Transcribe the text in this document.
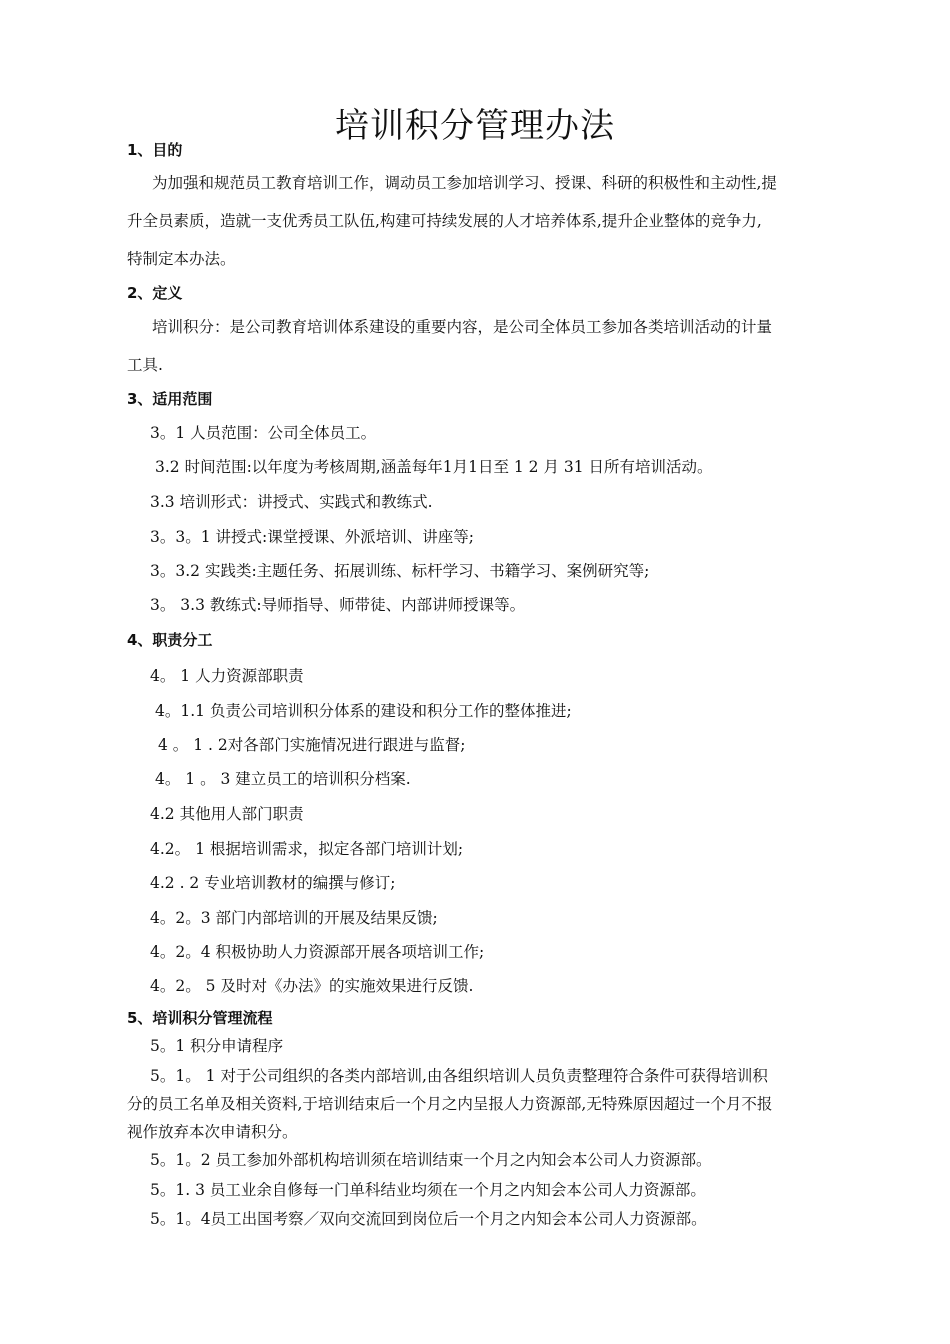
培训积分管理办法
1、目的
为加强和规范员工教育培训工作，调动员工参加培训学习、授课、科研的积极性和主动性,提
升全员素质，造就一支优秀员工队伍,构建可持续发展的人才培养体系,提升企业整体的竞争力,
特制定本办法。
2、定义
培训积分：是公司教育培训体系建设的重要内容，是公司全体员工参加各类培训活动的计量
工具.
3、适用范围
3。1 人员范围：公司全体员工。
3.2 时间范围:以年度为考核周期,涵盖每年1月1日至 1 2 月 31 日所有培训活动。
3.3 培训形式：讲授式、实践式和教练式.
3。3。1 讲授式:课堂授课、外派培训、讲座等;
3。3.2 实践类:主题任务、拓展训练、标杆学习、书籍学习、案例研究等;
3。 3.3 教练式:导师指导、师带徒、内部讲师授课等。
4、职责分工
4。 1 人力资源部职责
4。1.1 负责公司培训积分体系的建设和积分工作的整体推进;
4 。 1 . 2对各部门实施情况进行跟进与监督;
4。 1 。 3 建立员工的培训积分档案.
4.2 其他用人部门职责
4.2。 1 根据培训需求，拟定各部门培训计划;
4.2 . 2 专业培训教材的编撰与修订;
4。2。3 部门内部培训的开展及结果反馈;
4。2。4 积极协助人力资源部开展各项培训工作;
4。2。 5 及时对《办法》的实施效果进行反馈.
5、培训积分管理流程
5。1 积分申请程序
5。1。 1 对于公司组织的各类内部培训,由各组织培训人员负责整理符合条件可获得培训积
分的员工名单及相关资料,于培训结束后一个月之内呈报人力资源部,无特殊原因超过一个月不报
视作放弃本次申请积分。
5。1。2 员工参加外部机构培训须在培训结束一个月之内知会本公司人力资源部。
5。1. 3 员工业余自修每一门单科结业均须在一个月之内知会本公司人力资源部。
5。1。4员工出国考察／双向交流回到岗位后一个月之内知会本公司人力资源部。
